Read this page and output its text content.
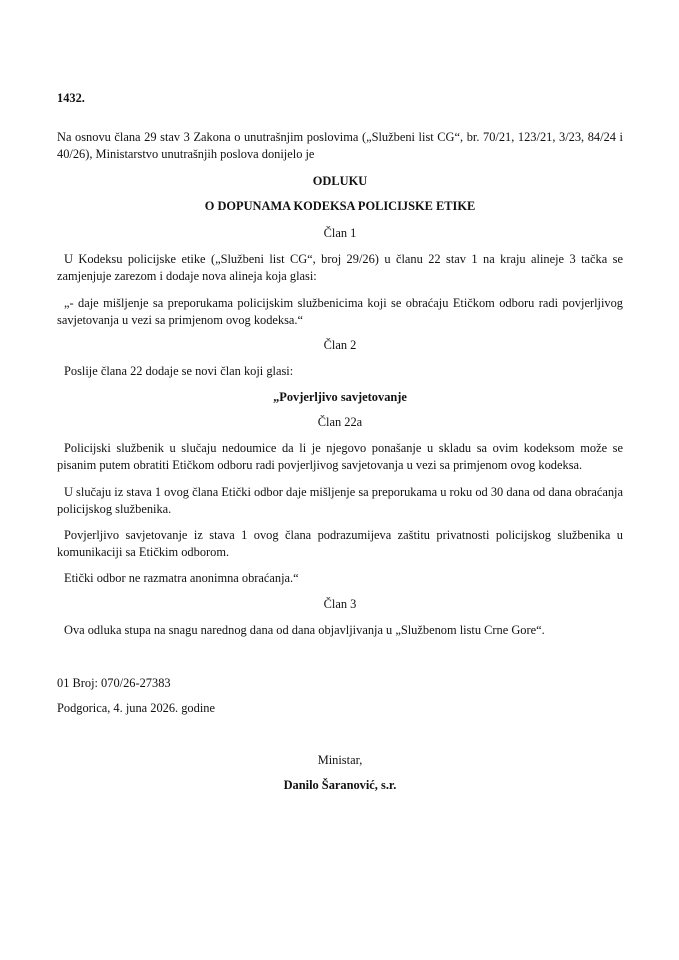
1432.

Na osnovu člana 29 stav 3 Zakona o unutrašnjim poslovima („Službeni list CG“, br. 70/21, 123/21, 3/23, 84/24 i 40/26), Ministarstvo unutrašnjih poslova donijelo je

ODLUKU

O DOPUNAMA KODEKSA POLICIJSKE ETIKE

Član 1

U Kodeksu policijske etike („Službeni list CG“, broj 29/26) u članu 22 stav 1 na kraju alineje 3 tačka se zamjenjuje zarezom i dodaje nova alineja koja glasi:

„- daje mišljenje sa preporukama policijskim službenicima koji se obraćaju Etičkom odboru radi povjerljivog savjetovanja u vezi sa primjenom ovog kodeksa.“

Član 2

Poslije člana 22 dodaje se novi član koji glasi:

„Povjerljivo savjetovanje

Član 22a

Policijski službenik u slučaju nedoumice da li je njegovo ponašanje u skladu sa ovim kodeksom može se pisanim putem obratiti Etičkom odboru radi povjerljivog savjetovanja u vezi sa primjenom ovog kodeksa.

U slučaju iz stava 1 ovog člana Etički odbor daje mišljenje sa preporukama u roku od 30 dana od dana obraćanja policijskog službenika.

Povjerljivo savjetovanje iz stava 1 ovog člana podrazumijeva zaštitu privatnosti policijskog službenika u komunikaciji sa Etičkim odborom.

Etički odbor ne razmatra anonimna obraćanja.“

Član 3

Ova odluka stupa na snagu narednog dana od dana objavljivanja u „Službenom listu Crne Gore“.

01 Broj: 070/26-27383

Podgorica, 4. juna 2026. godine

Ministar,

Danilo Šaranović, s.r.
